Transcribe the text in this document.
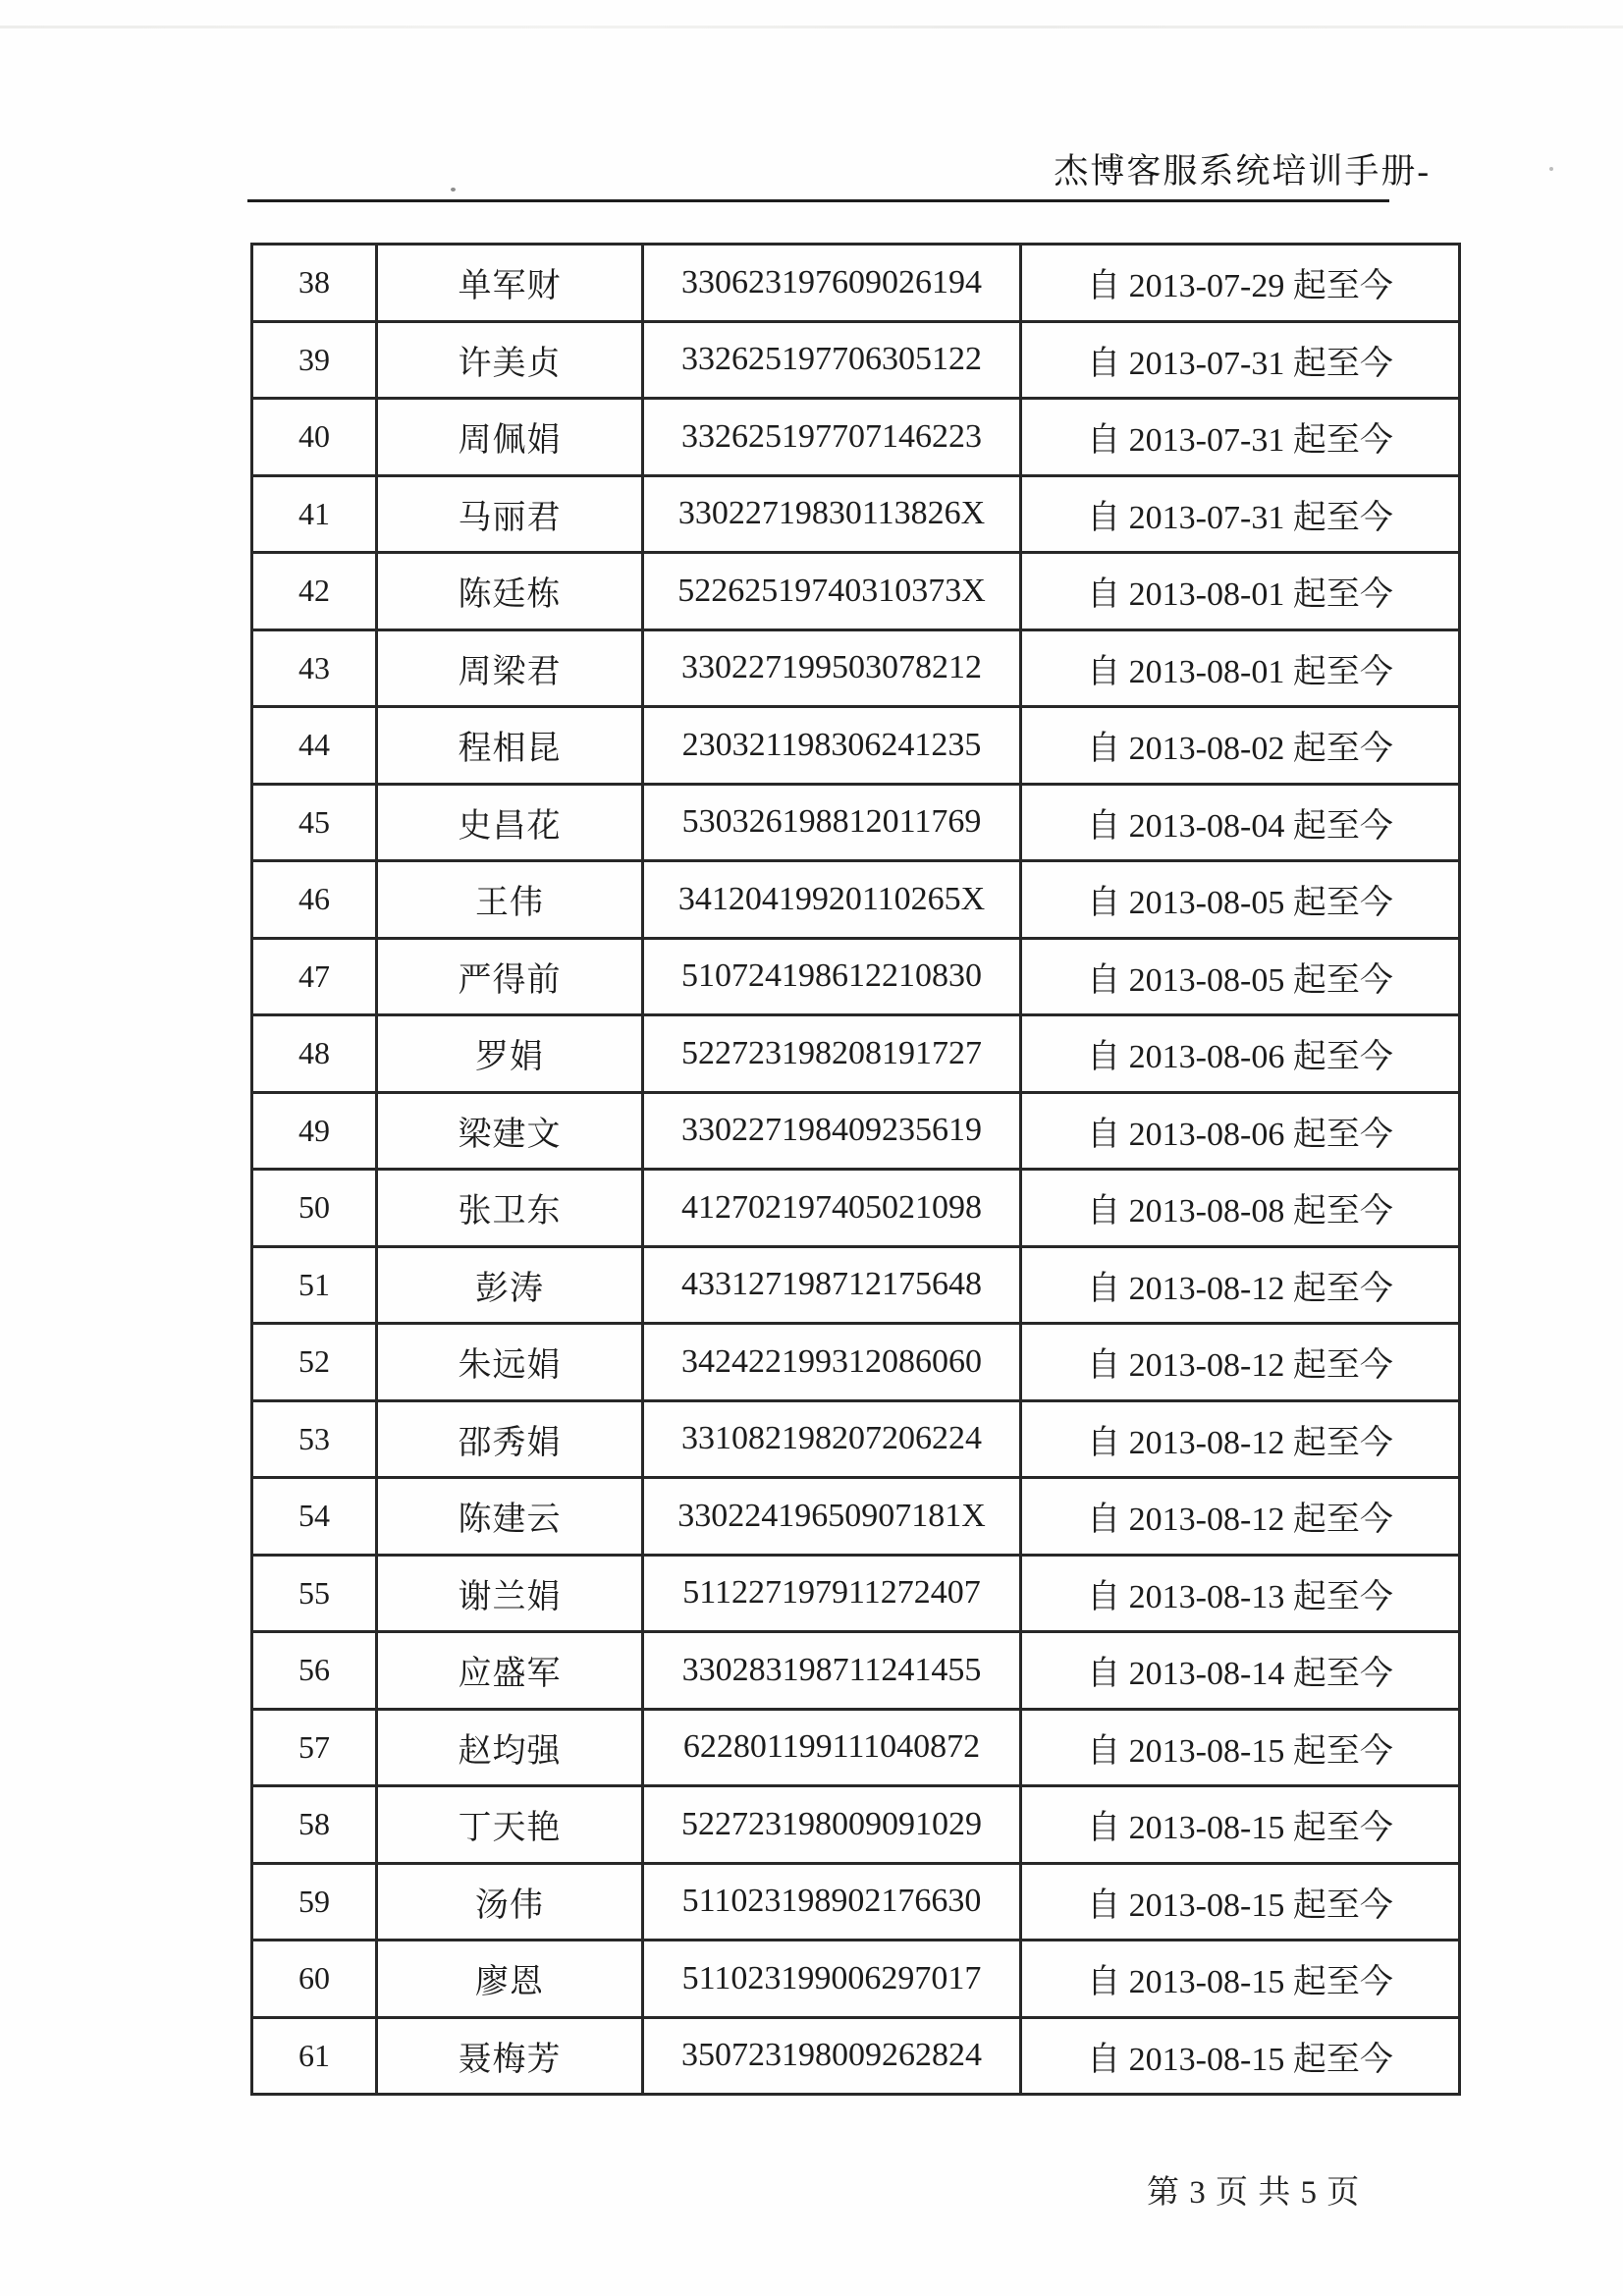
杰博客服系统培训手册-
38	单军财	330623197609026194	自 2013-07-29 起至今
39	许美贞	332625197706305122	自 2013-07-31 起至今
40	周佩娟	332625197707146223	自 2013-07-31 起至今
41	马丽君	33022719830113826X	自 2013-07-31 起至今
42	陈廷栋	52262519740310373X	自 2013-08-01 起至今
43	周梁君	330227199503078212	自 2013-08-01 起至今
44	程相昆	230321198306241235	自 2013-08-02 起至今
45	史昌花	530326198812011769	自 2013-08-04 起至今
46	王伟	34120419920110265X	自 2013-08-05 起至今
47	严得前	510724198612210830	自 2013-08-05 起至今
48	罗娟	522723198208191727	自 2013-08-06 起至今
49	梁建文	330227198409235619	自 2013-08-06 起至今
50	张卫东	412702197405021098	自 2013-08-08 起至今
51	彭涛	433127198712175648	自 2013-08-12 起至今
52	朱远娟	342422199312086060	自 2013-08-12 起至今
53	邵秀娟	331082198207206224	自 2013-08-12 起至今
54	陈建云	33022419650907181X	自 2013-08-12 起至今
55	谢兰娟	511227197911272407	自 2013-08-13 起至今
56	应盛军	330283198711241455	自 2013-08-14 起至今
57	赵均强	622801199111040872	自 2013-08-15 起至今
58	丁天艳	522723198009091029	自 2013-08-15 起至今
59	汤伟	511023198902176630	自 2013-08-15 起至今
60	廖恩	511023199006297017	自 2013-08-15 起至今
61	聂梅芳	350723198009262824	自 2013-08-15 起至今
第 3 页 共 5 页
